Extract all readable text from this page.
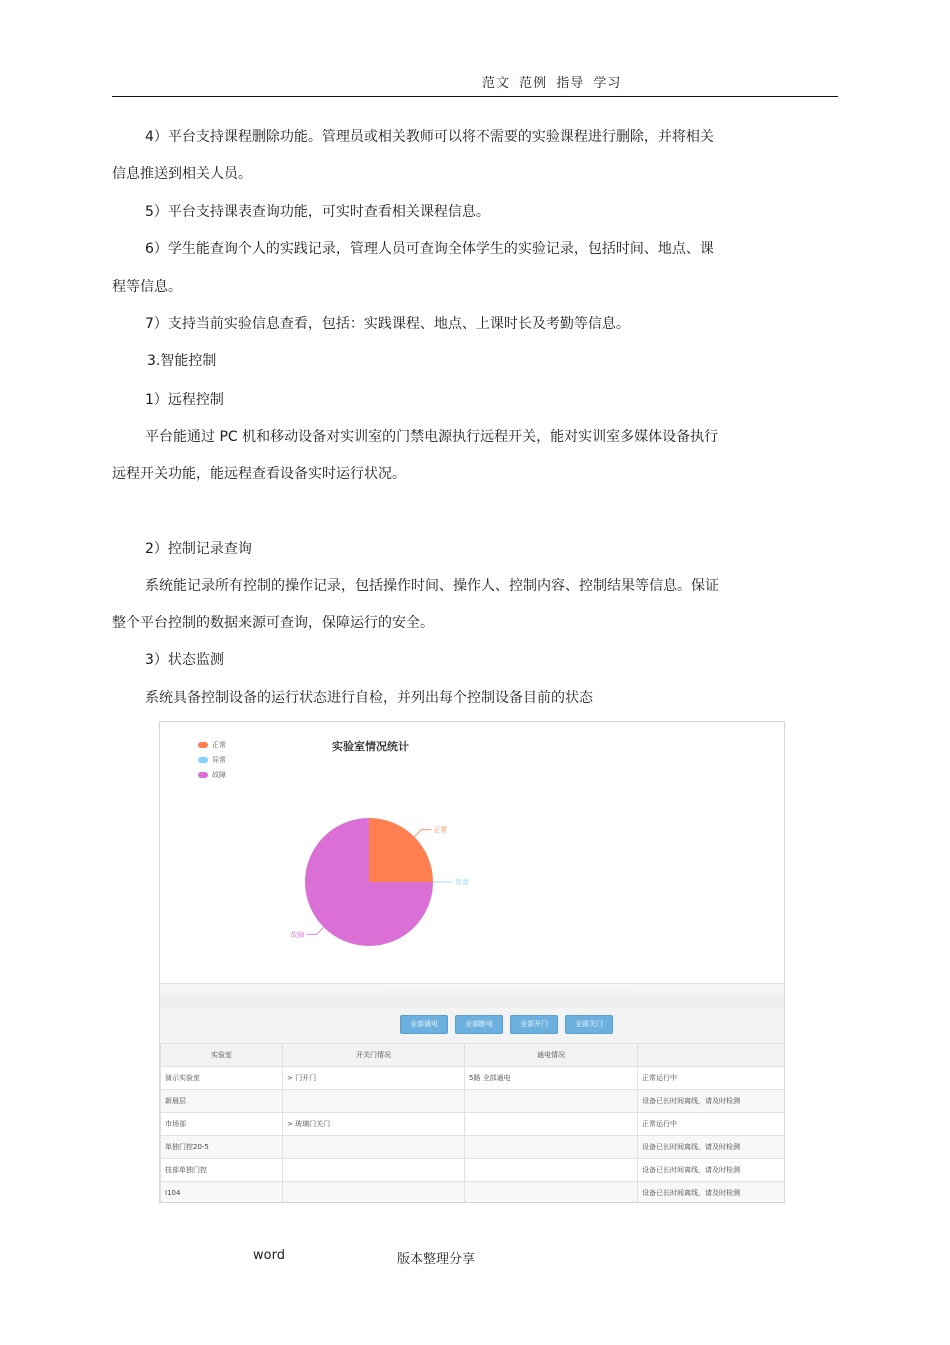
范文 范例 指导 学习
4）平台支持课程删除功能。管理员或相关教师可以将不需要的实验课程进行删除，并将相关
信息推送到相关人员。
5）平台支持课表查询功能，可实时查看相关课程信息。
6）学生能查询个人的实践记录，管理人员可查询全体学生的实验记录，包括时间、地点、课
程等信息。
7）支持当前实验信息查看，包括：实践课程、地点、上课时长及考勤等信息。
3.智能控制
1）远程控制
平台能通过 PC 机和移动设备对实训室的门禁电源执行远程开关，能对实训室多媒体设备执行
远程开关功能，能远程查看设备实时运行状况。
2）控制记录查询
系统能记录所有控制的操作记录，包括操作时间、操作人、控制内容、控制结果等信息。保证
整个平台控制的数据来源可查询，保障运行的安全。
3）状态监测
系统具备控制设备的运行状态进行自检，并列出每个控制设备目前的状态
正常
异常
故障
实验室情况统计
正常
异常
故障
全部通电	全部断电	全部开门	全部关门
实验室	开关门情况	通电情况	
演示实验室	> 门开门	5路 全部通电	正常运行中
新晨层			设备已长时间离线，请及时检测
市场部	> 玻璃门关门		正常运行中
单独门控20-5			设备已长时间离线，请及时检测
技部单独门控			设备已长时间离线，请及时检测
I104			设备已长时间离线，请及时检测
word	版本整理分享
